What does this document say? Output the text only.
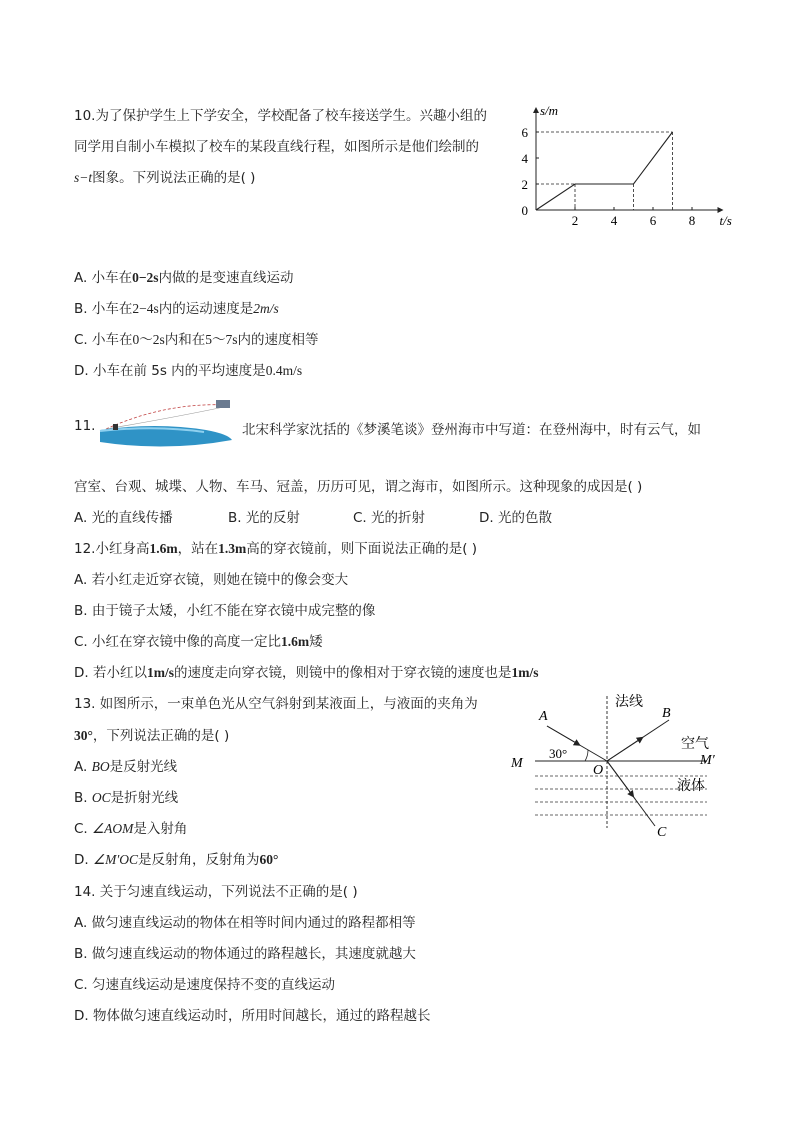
10.为了保护学生上下学安全，学校配备了校车接送学生。兴趣小组的
同学用自制小车模拟了校车的某段直线行程，如图所示是他们绘制的
s−t图象。下列说法正确的是( )
s/m
t/s
2	4	6	8
0
2
4
6
A. 小车在0−2s内做的是变速直线运动
B. 小车在2−4s内的运动速度是2m/s
C. 小车在0～2s内和在5～7s内的速度相等
D. 小车在前 5s 内的平均速度是0.4m/s
11.	北宋科学家沈括的《梦溪笔谈》登州海市中写道：在登州海中，时有云气，如
宫室、台观、城堞、人物、车马、冠盖，历历可见，谓之海市，如图所示。这种现象的成因是( )
A. 光的直线传播	B. 光的反射	C. 光的折射	D. 光的色散
12.小红身高1.6m，站在1.3m高的穿衣镜前，则下面说法正确的是( )
A. 若小红走近穿衣镜，则她在镜中的像会变大
B. 由于镜子太矮，小红不能在穿衣镜中成完整的像
C. 小红在穿衣镜中像的高度一定比1.6m矮
D. 若小红以1m/s的速度走向穿衣镜，则镜中的像相对于穿衣镜的速度也是1m/s
13. 如图所示，一束单色光从空气斜射到某液面上，与液面的夹角为
30°，下列说法正确的是( )
A. BO是反射光线
B. OC是折射光线
C. ∠AOM是入射角
D. ∠M′OC是反射角，反射角为60°
法线
A	B
空气
30°
M	M′
O
液体
C
14. 关于匀速直线运动，下列说法不正确的是( )
A. 做匀速直线运动的物体在相等时间内通过的路程都相等
B. 做匀速直线运动的物体通过的路程越长，其速度就越大
C. 匀速直线运动是速度保持不变的直线运动
D. 物体做匀速直线运动时，所用时间越长，通过的路程越长
